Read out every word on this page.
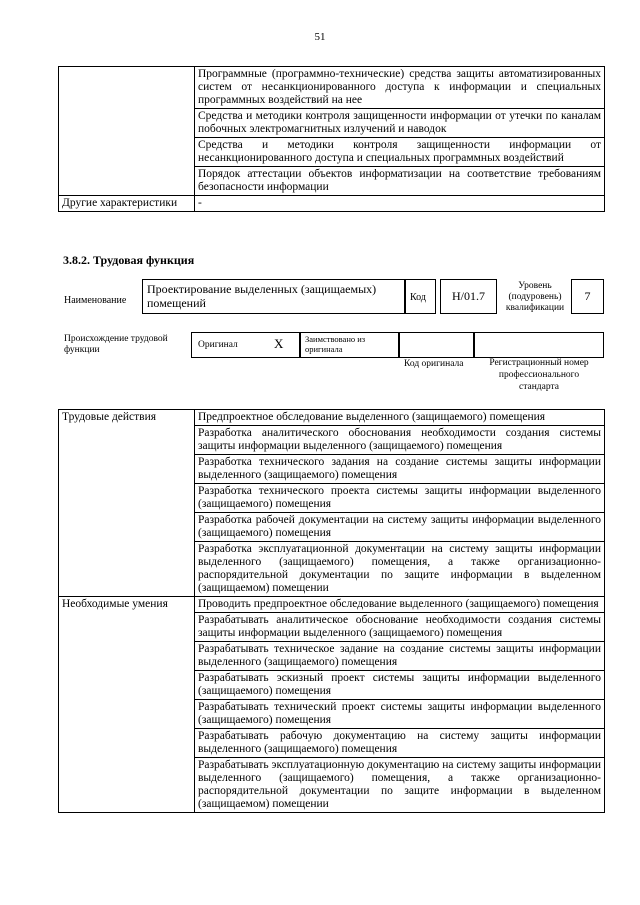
51
	Программные (программно-технические) средства защиты автоматизированных систем от несанкционированного доступа к информации и специальных программных воздействий на нее
	Средства и методики контроля защищенности информации от утечки по каналам побочных электромагнитных излучений и наводок
	Средства и методики контроля защищенности информации от несанкционированного доступа и специальных программных воздействий
	Порядок аттестации объектов информатизации на соответствие требованиям безопасности информации
Другие характеристики	-
3.8.2. Трудовая функция
Наименование
Проектирование выделенных (защищаемых) помещений	Код	Н/01.7
Уровень (подуровень) квалификации
7
Происхождение трудовой функции	Оригинал	X	Заимствовано из оригинала
Код оригинала	Регистрационный номер профессионального стандарта
Трудовые действия	Предпроектное обследование выделенного (защищаемого) помещения
	Разработка аналитического обоснования необходимости создания системы защиты информации выделенного (защищаемого) помещения
	Разработка технического задания на создание системы защиты информации выделенного (защищаемого) помещения
	Разработка технического проекта системы защиты информации выделенного (защищаемого) помещения
	Разработка рабочей документации на систему защиты информации выделенного (защищаемого) помещения
	Разработка эксплуатационной документации на систему защиты информации выделенного (защищаемого) помещения, а также организационно-распорядительной документации по защите информации в выделенном (защищаемом) помещении
Необходимые умения	Проводить предпроектное обследование выделенного (защищаемого) помещения
	Разрабатывать аналитическое обоснование необходимости создания системы защиты информации выделенного (защищаемого) помещения
	Разрабатывать техническое задание на создание системы защиты информации выделенного (защищаемого) помещения
	Разрабатывать эскизный проект системы защиты информации выделенного (защищаемого) помещения
	Разрабатывать технический проект системы защиты информации выделенного (защищаемого) помещения
	Разрабатывать рабочую документацию на систему защиты информации выделенного (защищаемого) помещения
	Разрабатывать эксплуатационную документацию на систему защиты информации выделенного (защищаемого) помещения, а также организационно-распорядительной документации по защите информации в выделенном (защищаемом) помещении
